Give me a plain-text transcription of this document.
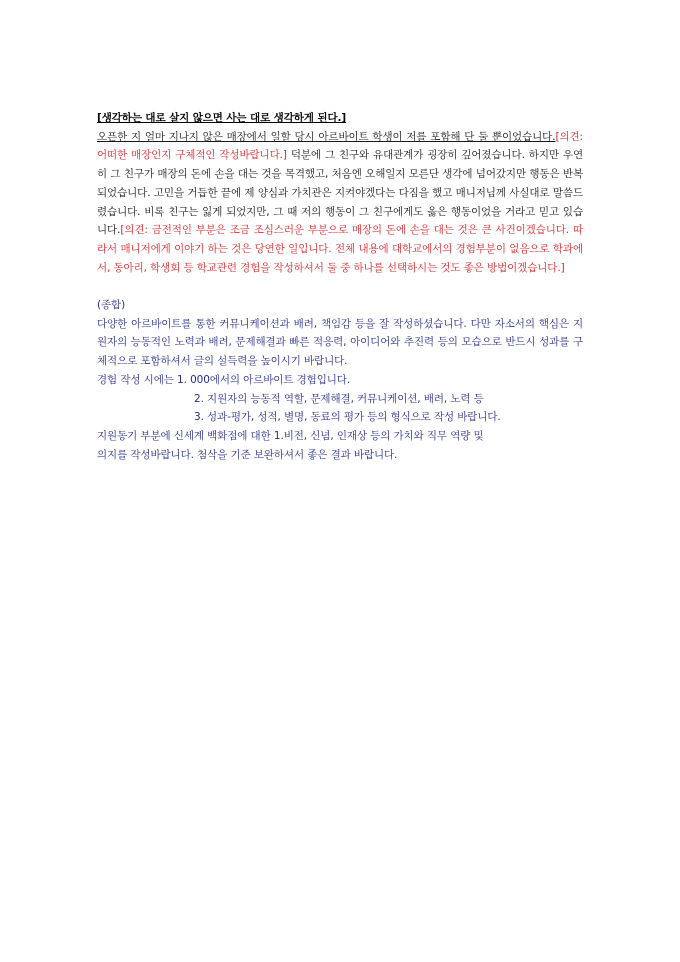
[생각하는 대로 살지 않으면 사는 대로 생각하게 된다.]

오픈한 지 얼마 지나지 않은 매장에서 일할 당시 아르바이트 학생이 저를 포함해 단 둘 뿐이었습니다.[의견: 어떠한 매장인지 구체적인 작성바랍니다.] 덕분에 그 친구와 유대관계가 굉장히 깊어졌습니다. 하지만 우연히 그 친구가 매장의 돈에 손을 대는 것을 목격했고, 처음엔 오해일지 모른단 생각에 넘어갔지만 행동은 반복되었습니다. 고민을 거듭한 끝에 제 양심과 가치관은 지켜야겠다는 다짐을 했고 매니저님께 사실대로 말씀드렸습니다. 비록 친구는 잃게 되었지만, 그 때 저의 행동이 그 친구에게도 옳은 행동이었을 거라고 믿고 있습니다.[의견: 금전적인 부분은 조금 조심스러운 부분으로 매장의 돈에 손을 대는 것은 큰 사건이겠습니다. 따라서 매니저에게 이야기 하는 것은 당연한 일입니다. 전체 내용에 대학교에서의 경험부분이 없음으로 학과에서, 동아리, 학생회 등 학교관련 경험을 작성하셔서 둘 중 하나를 선택하시는 것도 좋은 방법이겠습니다.]

(종합)

다양한 아르바이트를 통한 커뮤니케이션과 배려, 책임감 등을 잘 작성하셨습니다. 다만 자소서의 핵심은 지원자의 능동적인 노력과 배려, 문제해결과 빠른 적응력, 아이디어와 추진력 등의 모습으로 반드시 성과를 구체적으로 포함하셔서 글의 설득력을 높이시기 바랍니다.

경험 작성 시에는 1. 000에서의 아르바이트 경험입니다.

2. 지원자의 능동적 역할, 문제해결, 커뮤니케이션, 배려, 노력 등

3. 성과-평가, 성적, 별명, 동료의 평가 등의 형식으로 작성 바랍니다.

지원동기 부분에 신세계 백화점에 대한 1.비전, 신념, 인재상 등의 가치와 직무 역량 및

의지를 작성바랍니다. 첨삭을 기준 보완하셔서 좋은 결과 바랍니다.
